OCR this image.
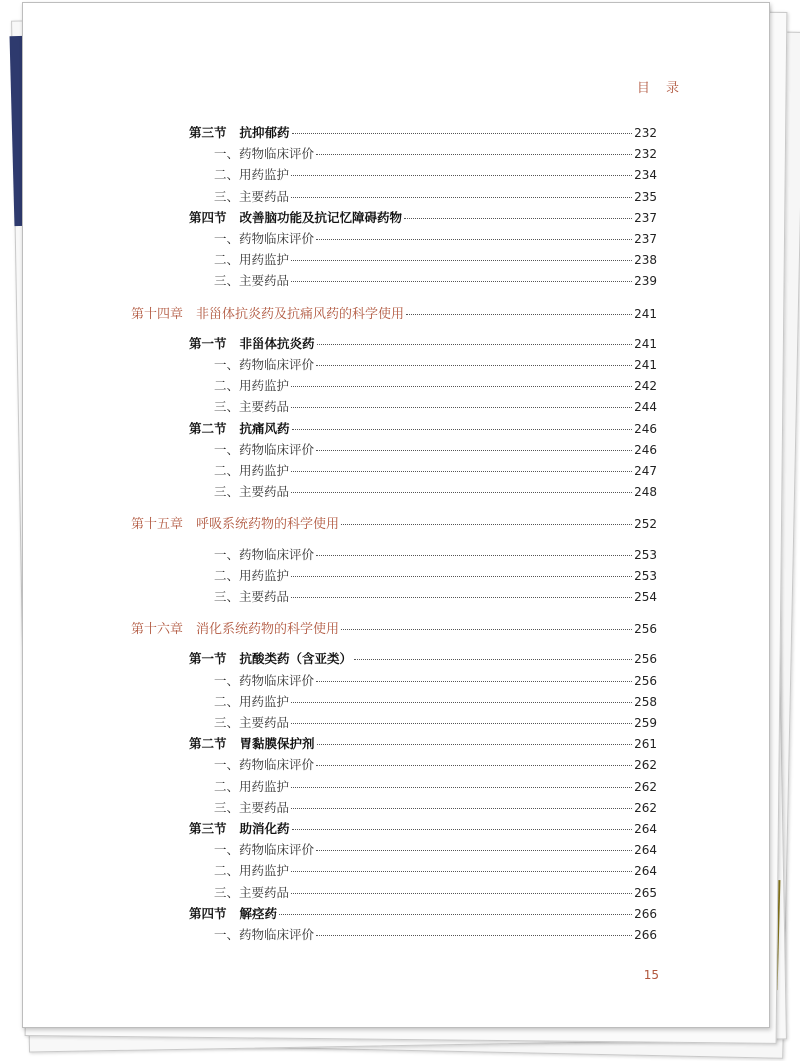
目 录
第三节 抗抑郁药	232
一、药物临床评价	232
二、用药监护	234
三、主要药品	235
第四节 改善脑功能及抗记忆障碍药物	237
一、药物临床评价	237
二、用药监护	238
三、主要药品	239
第十四章 非甾体抗炎药及抗痛风药的科学使用	241
第一节 非甾体抗炎药	241
一、药物临床评价	241
二、用药监护	242
三、主要药品	244
第二节 抗痛风药	246
一、药物临床评价	246
二、用药监护	247
三、主要药品	248
第十五章 呼吸系统药物的科学使用	252
一、药物临床评价	253
二、用药监护	253
三、主要药品	254
第十六章 消化系统药物的科学使用	256
第一节 抗酸类药（含亚类）	256
一、药物临床评价	256
二、用药监护	258
三、主要药品	259
第二节 胃黏膜保护剂	261
一、药物临床评价	262
二、用药监护	262
三、主要药品	262
第三节 助消化药	264
一、药物临床评价	264
二、用药监护	264
三、主要药品	265
第四节 解痉药	266
一、药物临床评价	266

15
